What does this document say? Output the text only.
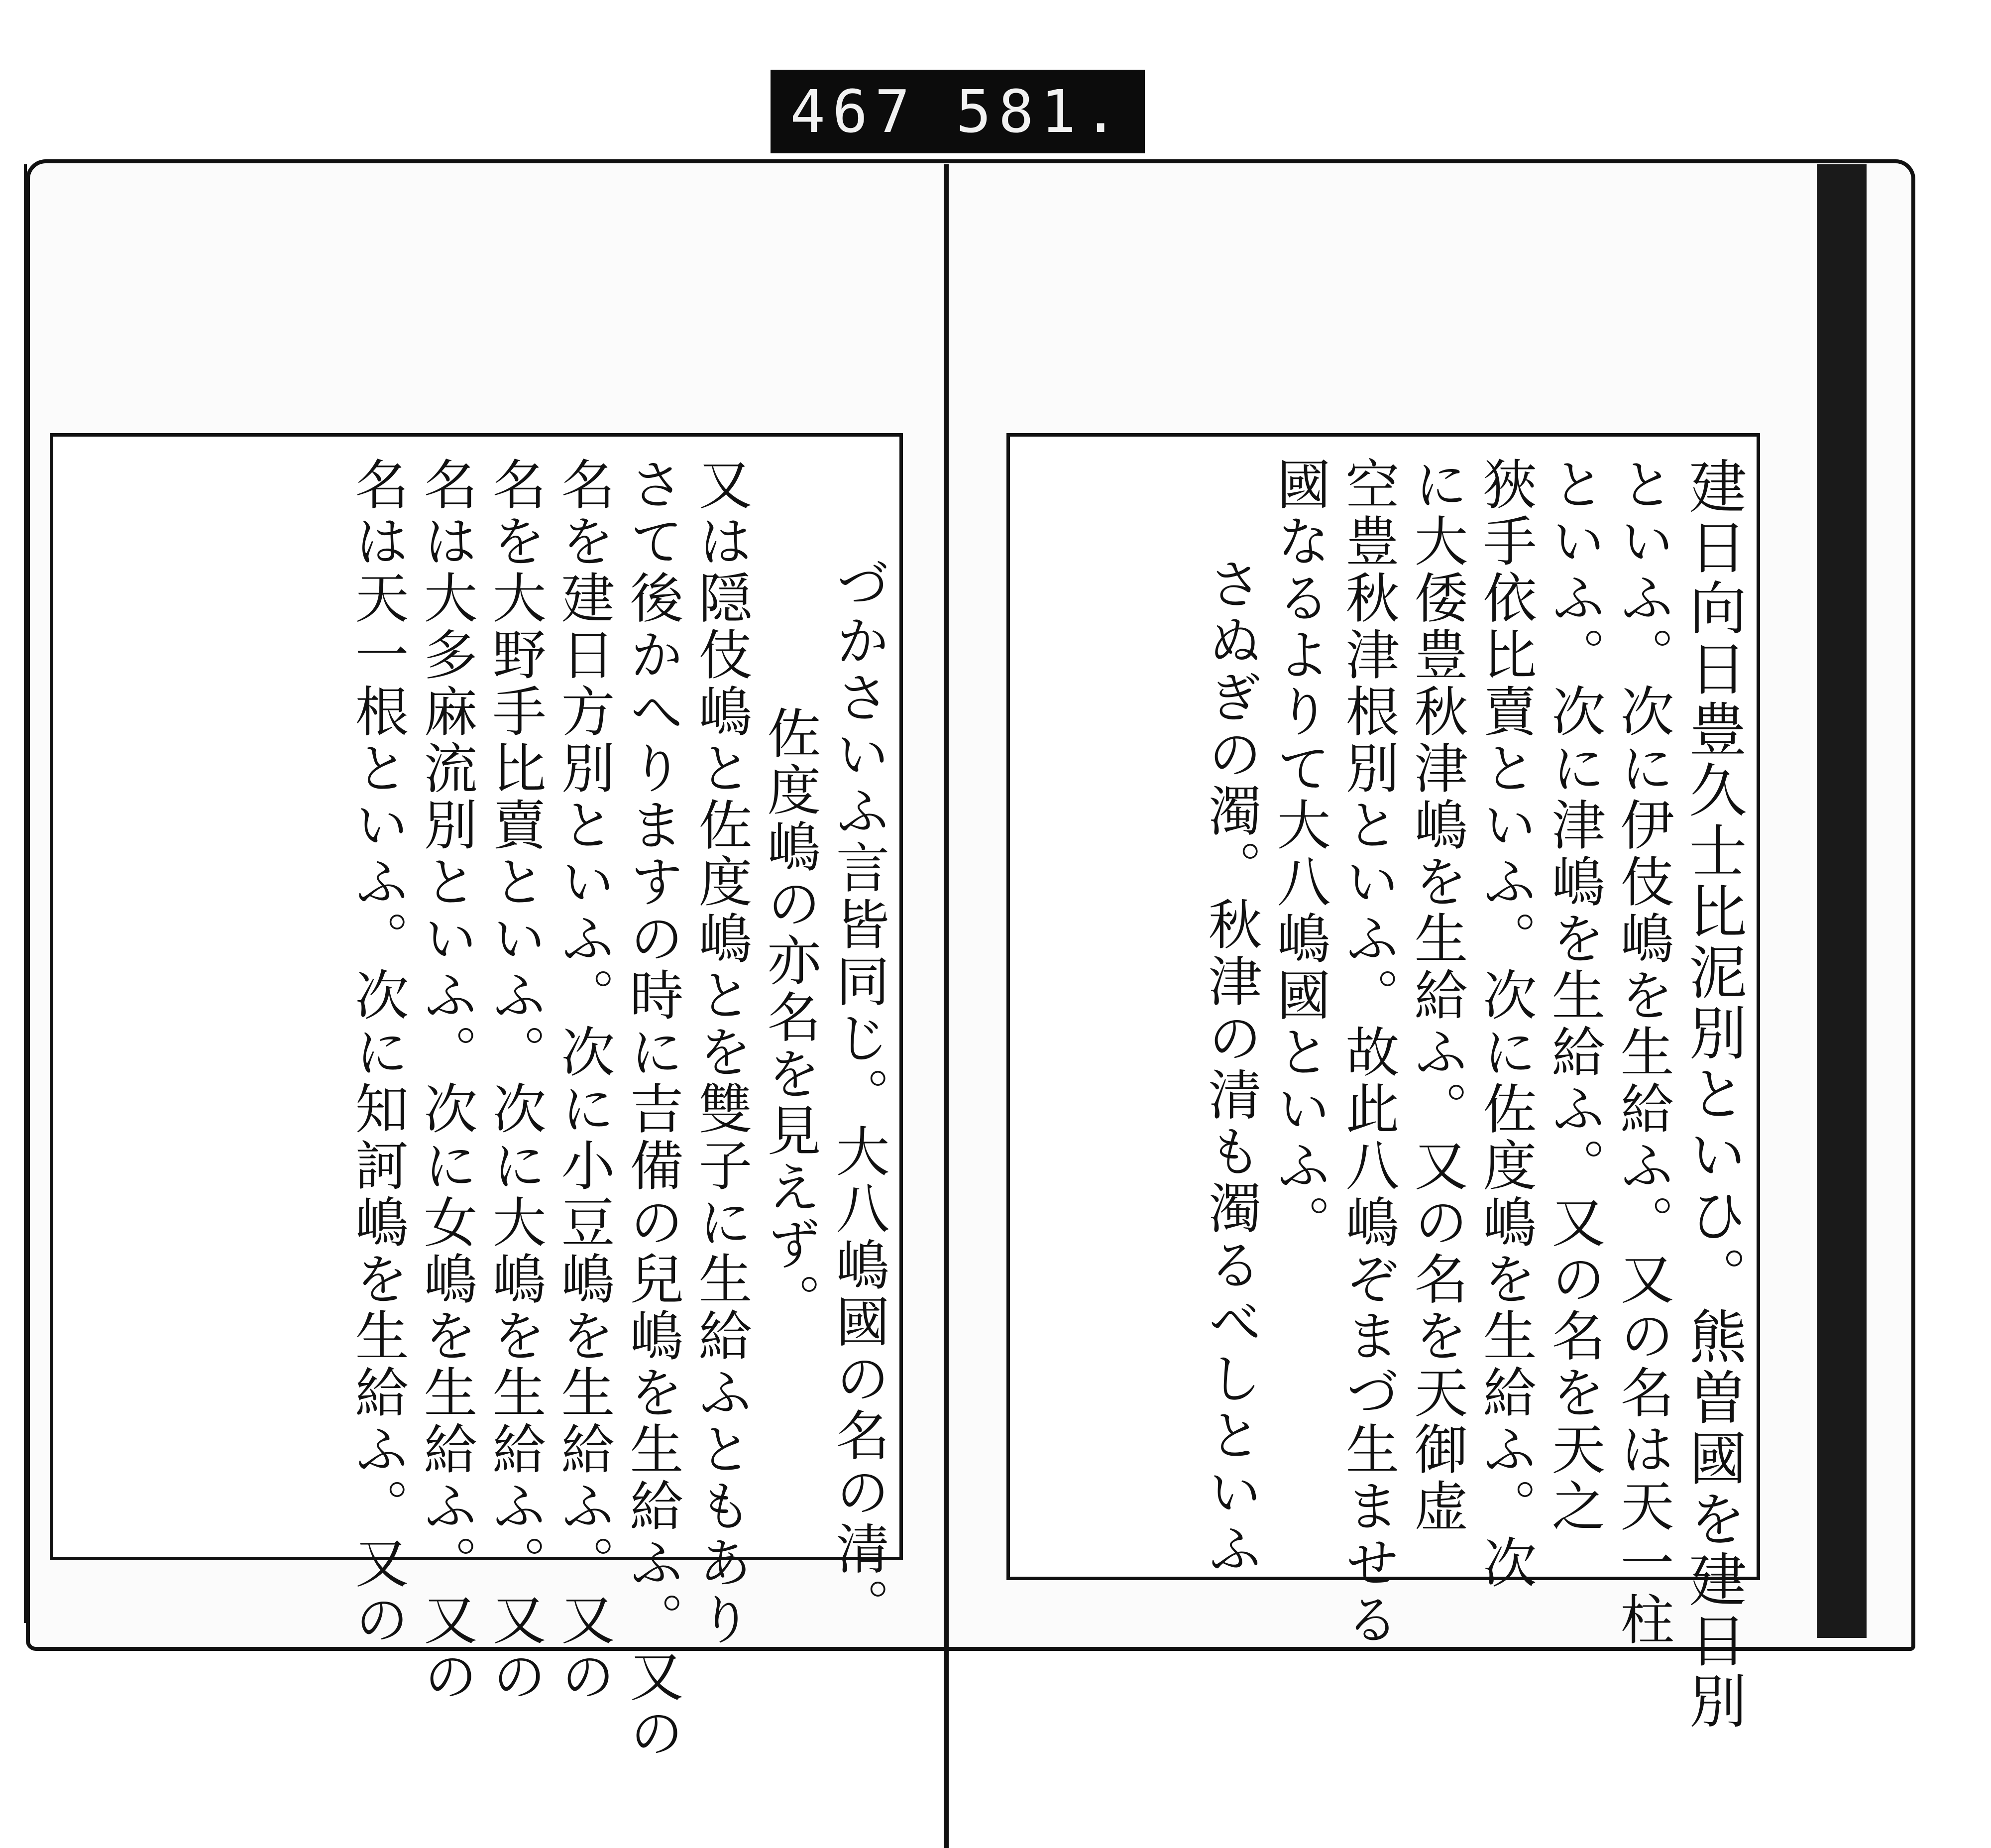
467 581.
づかさいふ言皆同じ。大八嶋國の名の清。
佐度嶋の亦名を見えず。
又は隠伎嶋と佐度嶋とを雙子に生給ふともあり
さて後かへりますの時に吉備の兒嶋を生給ふ。又の
名を建日方別といふ。次に小豆嶋を生給ふ。又の
名を大野手比賣といふ。次に大嶋を生給ふ。又の
名は大多麻流別といふ。次に女嶋を生給ふ。又の
名は天一根といふ。次に知訶嶋を生給ふ。又の	建日向日豊久士比泥別といひ。熊曽國を建日別
といふ。次に伊伎嶋を生給ふ。又の名は天一柱
といふ。次に津嶋を生給ふ。又の名を天之
狹手依比賣といふ。次に佐度嶋を生給ふ。次
に大倭豊秋津嶋を生給ふ。又の名を天御虚
空豊秋津根別といふ。故此八嶋ぞまづ生ませる
國なるよりて大八嶋國といふ。
さぬぎの濁。秋津の清も濁るべしといふ
